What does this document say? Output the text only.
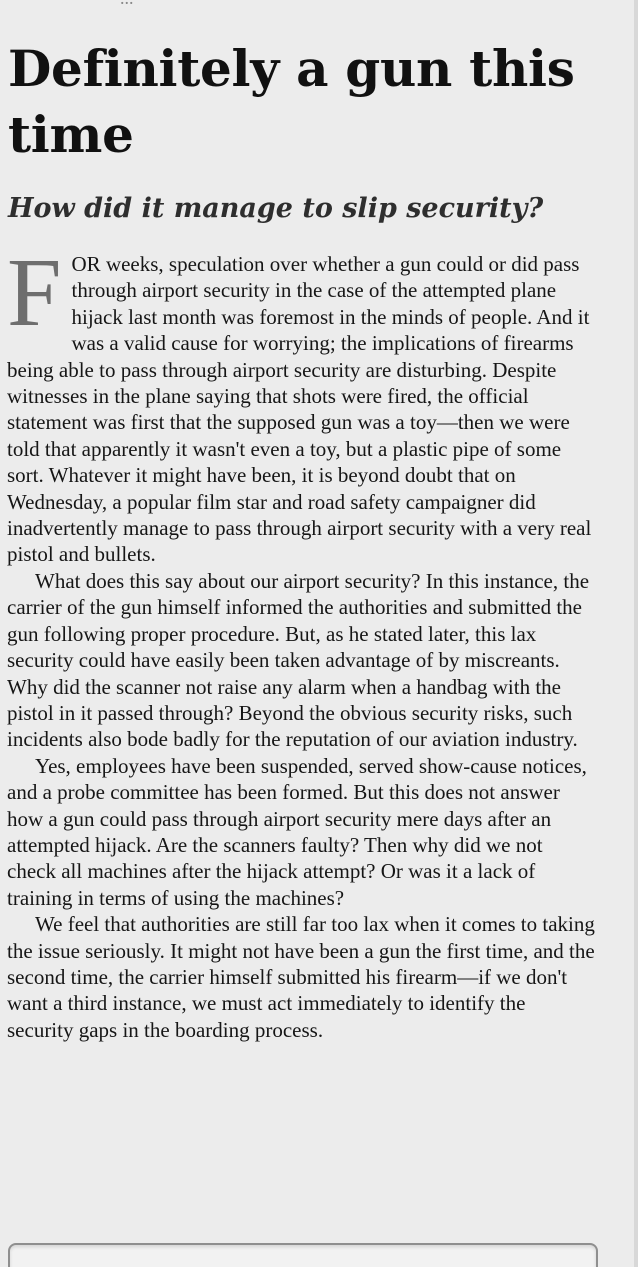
Definitely a gun this time
How did it manage to slip security?

FOR weeks, speculation over whether a gun could or did pass through airport security in the case of the attempted plane hijack last month was foremost in the minds of people. And it was a valid cause for worrying; the implications of firearms being able to pass through airport security are disturbing. Despite witnesses in the plane saying that shots were fired, the official statement was first that the supposed gun was a toy—then we were told that apparently it wasn't even a toy, but a plastic pipe of some sort. Whatever it might have been, it is beyond doubt that on Wednesday, a popular film star and road safety campaigner did inadvertently manage to pass through airport security with a very real pistol and bullets.

What does this say about our airport security? In this instance, the carrier of the gun himself informed the authorities and submitted the gun following proper procedure. But, as he stated later, this lax security could have easily been taken advantage of by miscreants. Why did the scanner not raise any alarm when a handbag with the pistol in it passed through? Beyond the obvious security risks, such incidents also bode badly for the reputation of our aviation industry.

Yes, employees have been suspended, served show-cause notices, and a probe committee has been formed. But this does not answer how a gun could pass through airport security mere days after an attempted hijack. Are the scanners faulty? Then why did we not check all machines after the hijack attempt? Or was it a lack of training in terms of using the machines?

We feel that authorities are still far too lax when it comes to taking the issue seriously. It might not have been a gun the first time, and the second time, the carrier himself submitted his firearm—if we don't want a third instance, we must act immediately to identify the security gaps in the boarding process.
